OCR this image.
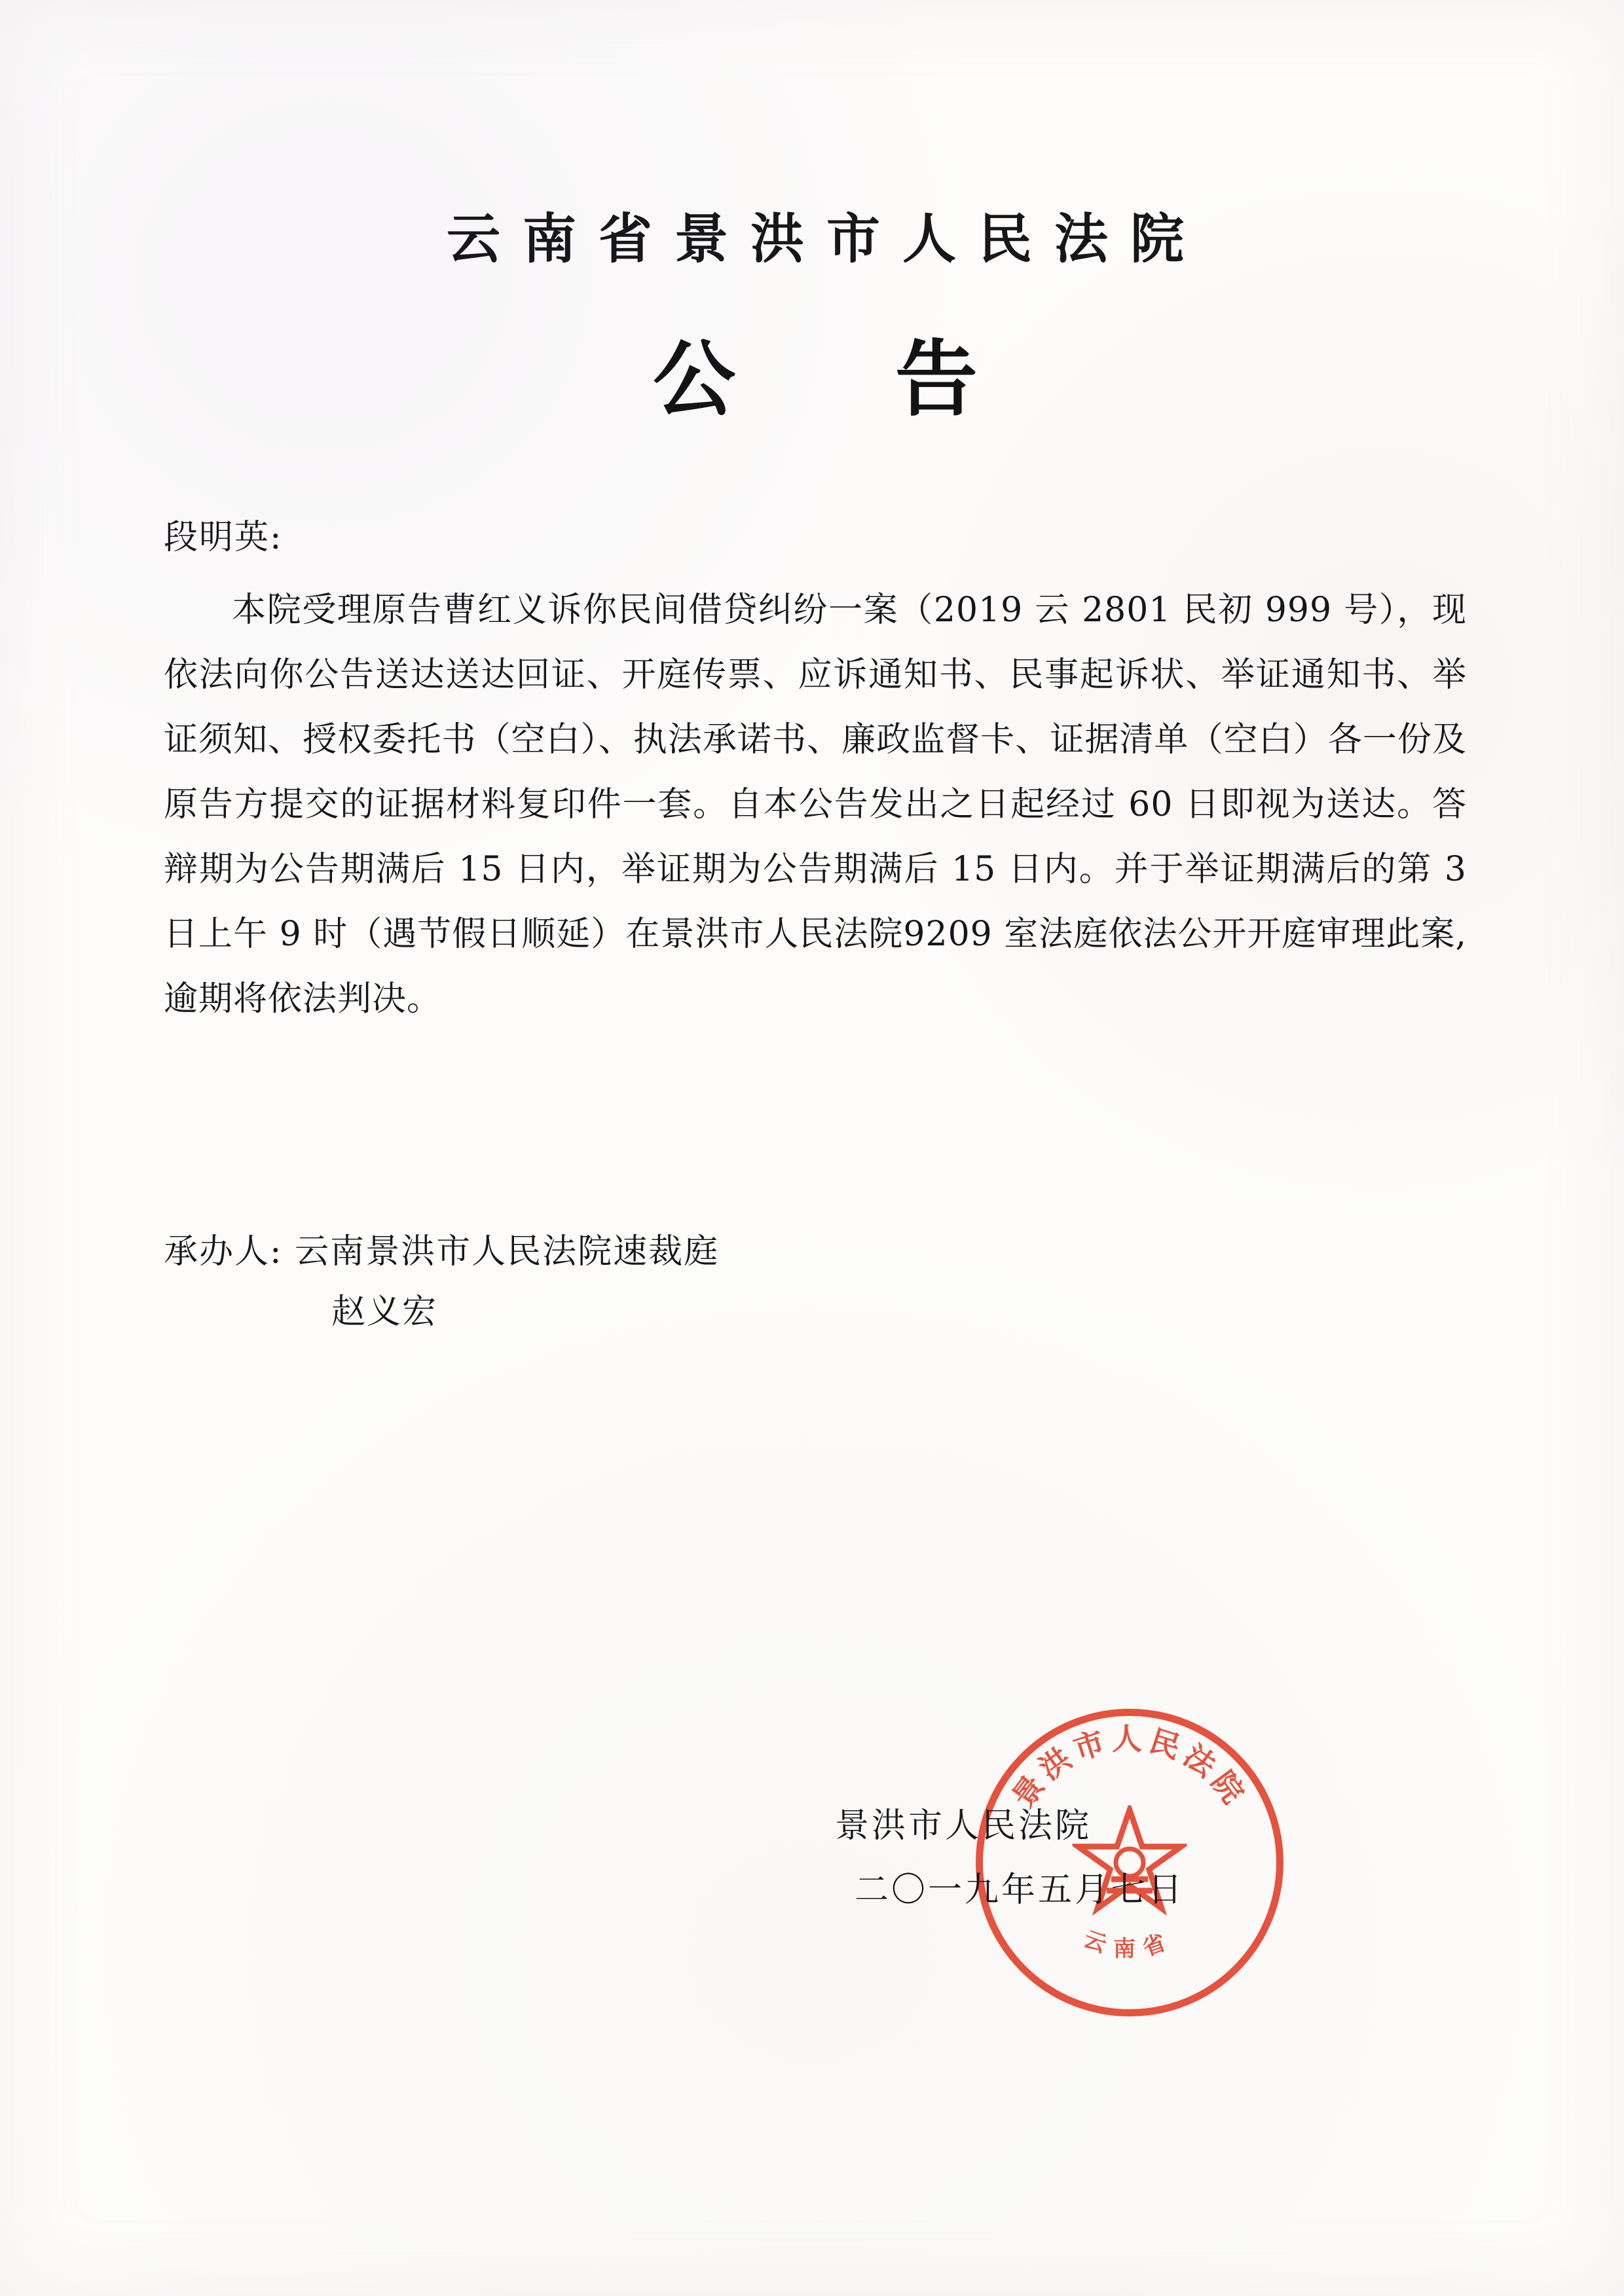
云南省景洪市人民法院
公 告
段明英:
本院受理原告曹红义诉你民间借贷纠纷一案（2019 云 2801 民初 999 号），现依法向你公告送达送达回证、开庭传票、应诉通知书、民事起诉状、举证通知书、举证须知、授权委托书（空白）、执法承诺书、廉政监督卡、证据清单（空白）各一份及原告方提交的证据材料复印件一套。自本公告发出之日起经过 60 日即视为送达。答辩期为公告期满后 15 日内，举证期为公告期满后 15 日内。并于举证期满后的第 3 日上午 9 时（遇节假日顺延）在景洪市人民法院9209 室法庭依法公开开庭审理此案,逾期将依法判决。
承办人: 云南景洪市人民法院速裁庭
赵义宏
景洪市人民法院
云南省
景洪市人民法院
二〇一九年五月七日
